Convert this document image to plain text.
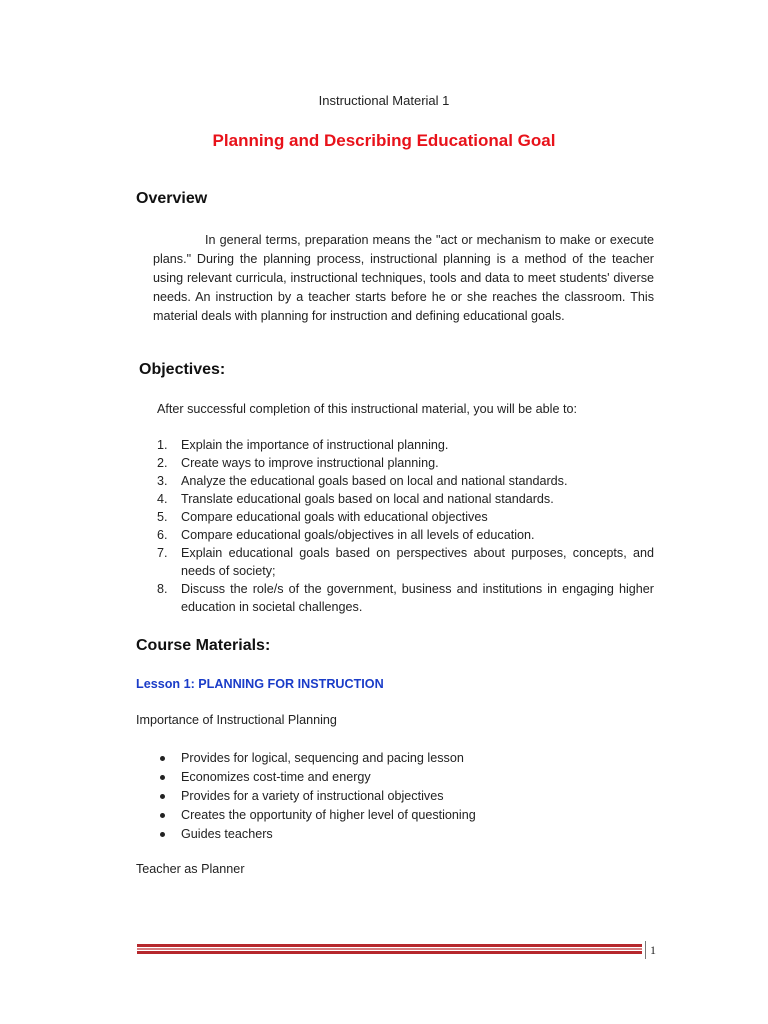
Instructional Material 1
Planning and Describing Educational Goal
Overview
In general terms, preparation means the "act or mechanism to make or execute plans." During the planning process, instructional planning is a method of the teacher using relevant curricula, instructional techniques, tools and data to meet students' diverse needs. An instruction by a teacher starts before he or she reaches the classroom. This material deals with planning for instruction and defining educational goals.
Objectives:
After successful completion of this instructional material, you will be able to:
1. Explain the importance of instructional planning.
2. Create ways to improve instructional planning.
3. Analyze the educational goals based on local and national standards.
4. Translate educational goals based on local and national standards.
5. Compare educational goals with educational objectives
6. Compare educational goals/objectives in all levels of education.
7. Explain educational goals based on perspectives about purposes, concepts, and needs of society;
8. Discuss the role/s of the government, business and institutions in engaging higher education in societal challenges.
Course Materials:
Lesson 1: PLANNING FOR INSTRUCTION
Importance of Instructional Planning
Provides for logical, sequencing and pacing lesson
Economizes cost-time and energy
Provides for a variety of instructional objectives
Creates the opportunity of higher level of questioning
Guides teachers
Teacher as Planner
1
